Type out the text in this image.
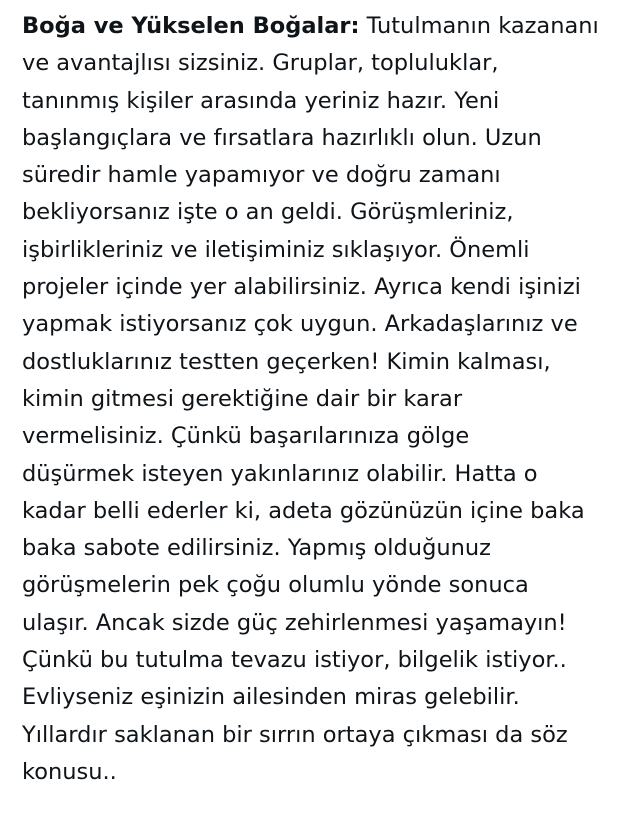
Boğa ve Yükselen Boğalar: Tutulmanın kazananı
ve avantajlısı sizsiniz. Gruplar, topluluklar,
tanınmış kişiler arasında yeriniz hazır. Yeni
başlangıçlara ve fırsatlara hazırlıklı olun. Uzun
süredir hamle yapamıyor ve doğru zamanı
bekliyorsanız işte o an geldi. Görüşmleriniz,
işbirlikleriniz ve iletişiminiz sıklaşıyor. Önemli
projeler içinde yer alabilirsiniz. Ayrıca kendi işinizi
yapmak istiyorsanız çok uygun. Arkadaşlarınız ve
dostluklarınız testten geçerken! Kimin kalması,
kimin gitmesi gerektiğine dair bir karar
vermelisiniz. Çünkü başarılarınıza gölge
düşürmek isteyen yakınlarınız olabilir. Hatta o
kadar belli ederler ki, adeta gözünüzün içine baka
baka sabote edilirsiniz. Yapmış olduğunuz
görüşmelerin pek çoğu olumlu yönde sonuca
ulaşır. Ancak sizde güç zehirlenmesi yaşamayın!
Çünkü bu tutulma tevazu istiyor, bilgelik istiyor..
Evliyseniz eşinizin ailesinden miras gelebilir.
Yıllardır saklanan bir sırrın ortaya çıkması da söz
konusu..
